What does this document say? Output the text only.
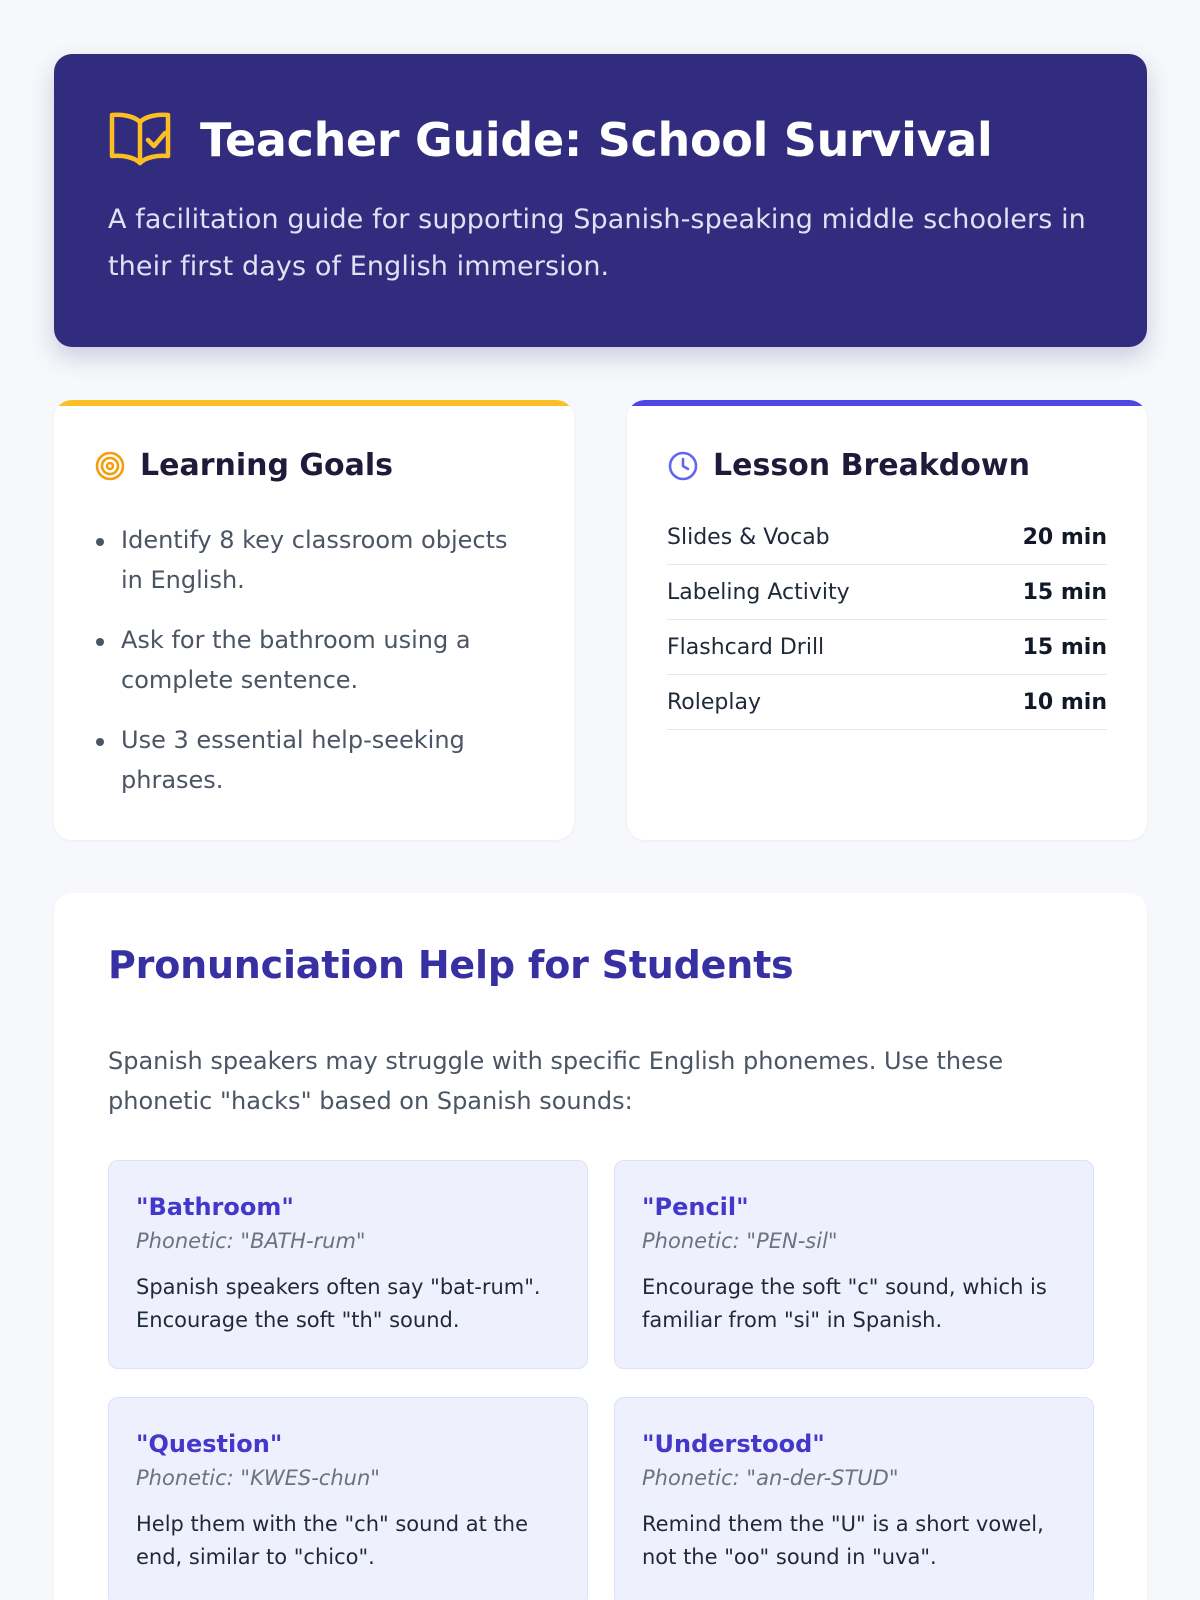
Teacher Guide: School Survival

A facilitation guide for supporting Spanish-speaking middle schoolers in their first days of English immersion.

Learning Goals
Identify 8 key classroom objects in English.
Ask for the bathroom using a complete sentence.
Use 3 essential help-seeking phrases.
Lesson Breakdown
Slides & Vocab	20 min
Labeling Activity	15 min
Flashcard Drill	15 min
Roleplay	10 min
Pronunciation Help for Students

Spanish speakers may struggle with specific English phonemes. Use these phonetic "hacks" based on Spanish sounds:

"Bathroom"
Phonetic: "BATH-rum"
Spanish speakers often say "bat-rum". Encourage the soft "th" sound.
"Pencil"
Phonetic: "PEN-sil"
Encourage the soft "c" sound, which is familiar from "si" in Spanish.
"Question"
Phonetic: "KWES-chun"
Help them with the "ch" sound at the end, similar to "chico".
"Understood"
Phonetic: "an-der-STUD"
Remind them the "U" is a short vowel, not the "oo" sound in "uva".
